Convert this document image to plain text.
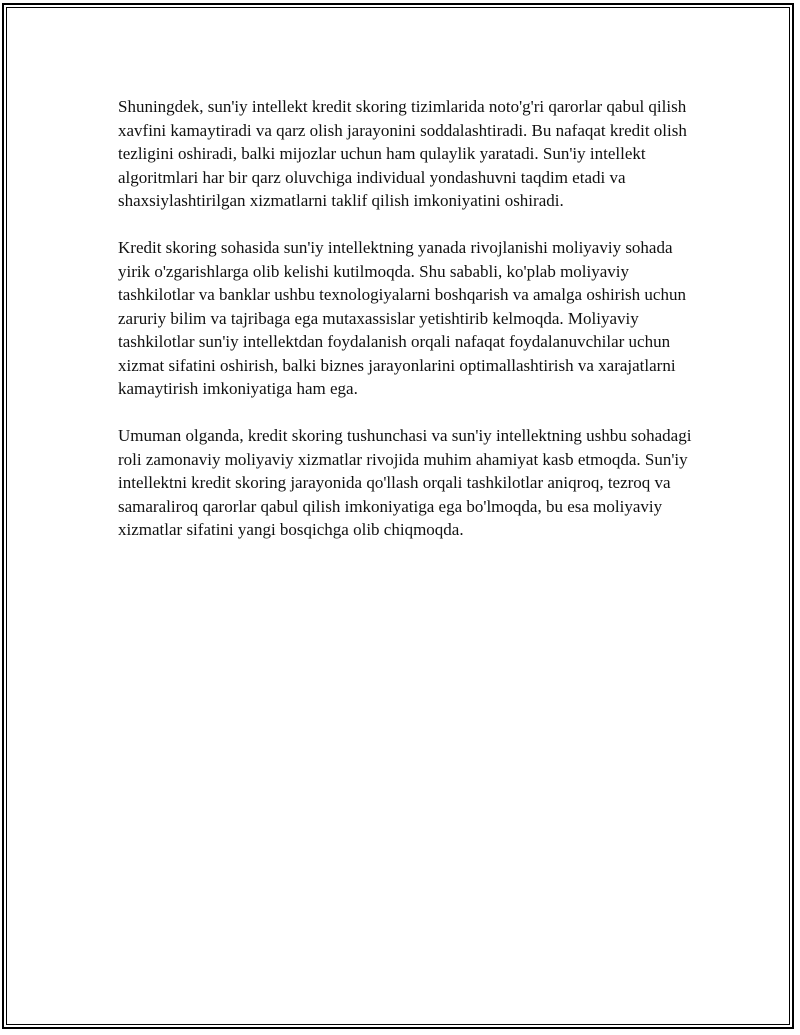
Shuningdek, sun'iy intellekt kredit skoring tizimlarida noto'g'ri qarorlar qabul qilish xavfini kamaytiradi va qarz olish jarayonini soddalashtiradi. Bu nafaqat kredit olish tezligini oshiradi, balki mijozlar uchun ham qulaylik yaratadi. Sun'iy intellekt algoritmlari har bir qarz oluvchiga individual yondashuvni taqdim etadi va shaxsiylashtirilgan xizmatlarni taklif qilish imkoniyatini oshiradi.

Kredit skoring sohasida sun'iy intellektning yanada rivojlanishi moliyaviy sohada yirik o'zgarishlarga olib kelishi kutilmoqda. Shu sababli, ko'plab moliyaviy tashkilotlar va banklar ushbu texnologiyalarni boshqarish va amalga oshirish uchun zaruriy bilim va tajribaga ega mutaxassislar yetishtirib kelmoqda. Moliyaviy tashkilotlar sun'iy intellektdan foydalanish orqali nafaqat foydalanuvchilar uchun xizmat sifatini oshirish, balki biznes jarayonlarini optimallashtirish va xarajatlarni kamaytirish imkoniyatiga ham ega.

Umuman olganda, kredit skoring tushunchasi va sun'iy intellektning ushbu sohadagi roli zamonaviy moliyaviy xizmatlar rivojida muhim ahamiyat kasb etmoqda. Sun'iy intellektni kredit skoring jarayonida qo'llash orqali tashkilotlar aniqroq, tezroq va samaraliroq qarorlar qabul qilish imkoniyatiga ega bo'lmoqda, bu esa moliyaviy xizmatlar sifatini yangi bosqichga olib chiqmoqda.
